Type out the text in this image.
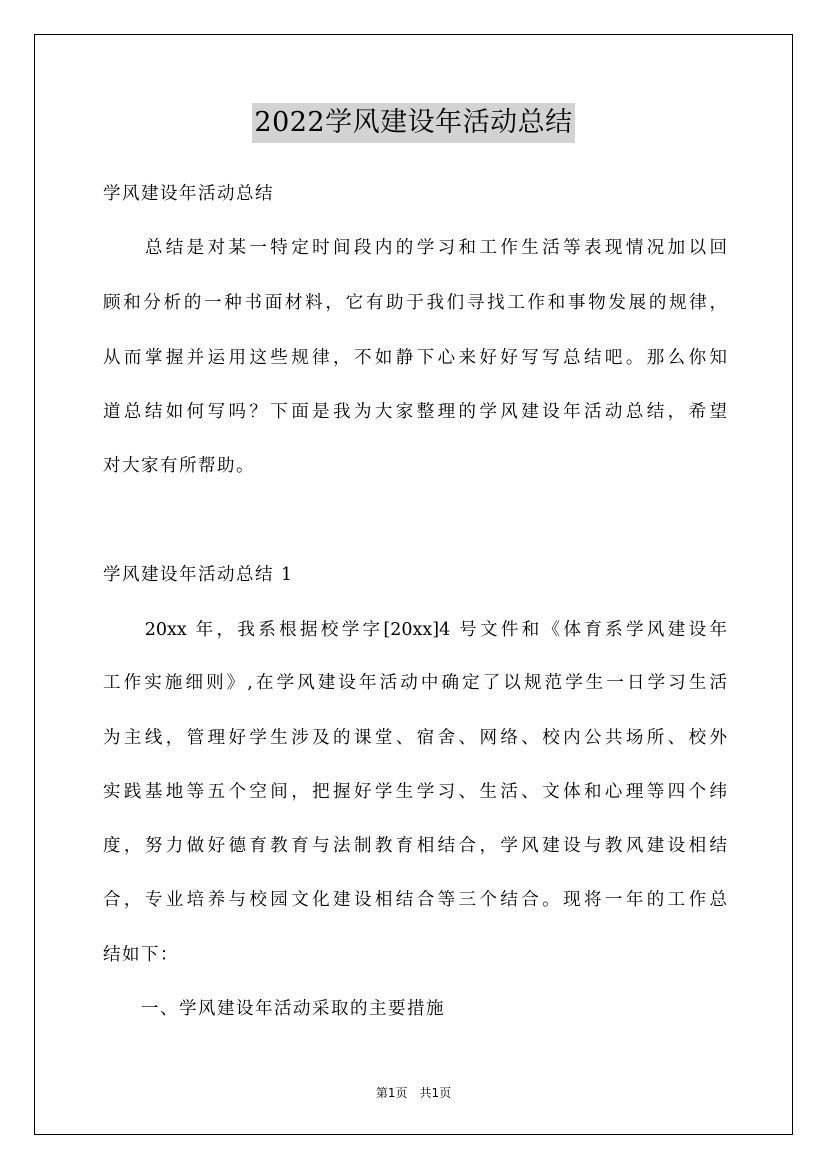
2022学风建设年活动总结
学风建设年活动总结
　　总结是对某一特定时间段内的学习和工作生活等表现情况加以回
顾和分析的一种书面材料，它有助于我们寻找工作和事物发展的规律，
从而掌握并运用这些规律，不如静下心来好好写写总结吧。那么你知
道总结如何写吗？下面是我为大家整理的学风建设年活动总结，希望
对大家有所帮助。
学风建设年活动总结 1
　　20xx 年，我系根据校学字[20xx]4 号文件和《体育系学风建设年
工作实施细则》,在学风建设年活动中确定了以规范学生一日学习生活
为主线，管理好学生涉及的课堂、宿舍、网络、校内公共场所、校外
实践基地等五个空间，把握好学生学习、生活、文体和心理等四个纬
度，努力做好德育教育与法制教育相结合，学风建设与教风建设相结
合，专业培养与校园文化建设相结合等三个结合。现将一年的工作总
结如下：
　　一、学风建设年活动采取的主要措施
第1页　共1页
